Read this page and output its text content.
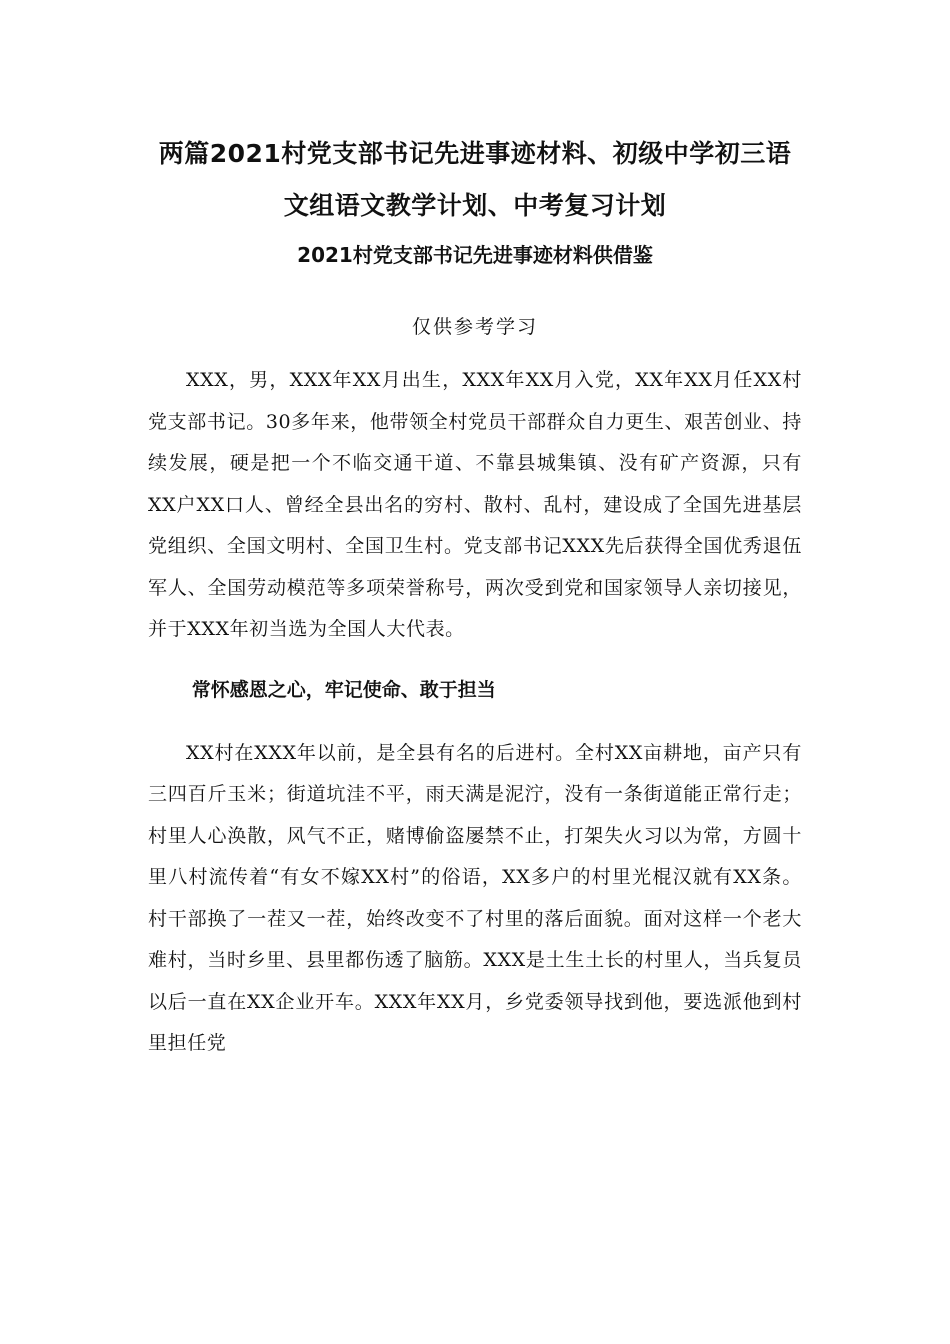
两篇2021村党支部书记先进事迹材料、初级中学初三语
文组语文教学计划、中考复习计划
2021村党支部书记先进事迹材料供借鉴

仅供参考学习

XXX，男，XXX年XX月出生，XXX年XX月入党，XX年XX月任XX村党支部书记。30多年来，他带领全村党员干部群众自力更生、艰苦创业、持续发展，硬是把一个不临交通干道、不靠县城集镇、没有矿产资源，只有XX户XX口人、曾经全县出名的穷村、散村、乱村，建设成了全国先进基层党组织、全国文明村、全国卫生村。党支部书记XXX先后获得全国优秀退伍军人、全国劳动模范等多项荣誉称号，两次受到党和国家领导人亲切接见，并于XXX年初当选为全国人大代表。

常怀感恩之心，牢记使命、敢于担当

XX村在XXX年以前，是全县有名的后进村。全村XX亩耕地，亩产只有三四百斤玉米；街道坑洼不平，雨天满是泥泞，没有一条街道能正常行走；村里人心涣散，风气不正，赌博偷盗屡禁不止，打架失火习以为常，方圆十里八村流传着“有女不嫁XX村”的俗语，XX多户的村里光棍汉就有XX条。村干部换了一茬又一茬，始终改变不了村里的落后面貌。面对这样一个老大难村，当时乡里、县里都伤透了脑筋。XXX是土生土长的村里人，当兵复员以后一直在XX企业开车。XXX年XX月，乡党委领导找到他，要选派他到村里担任党
